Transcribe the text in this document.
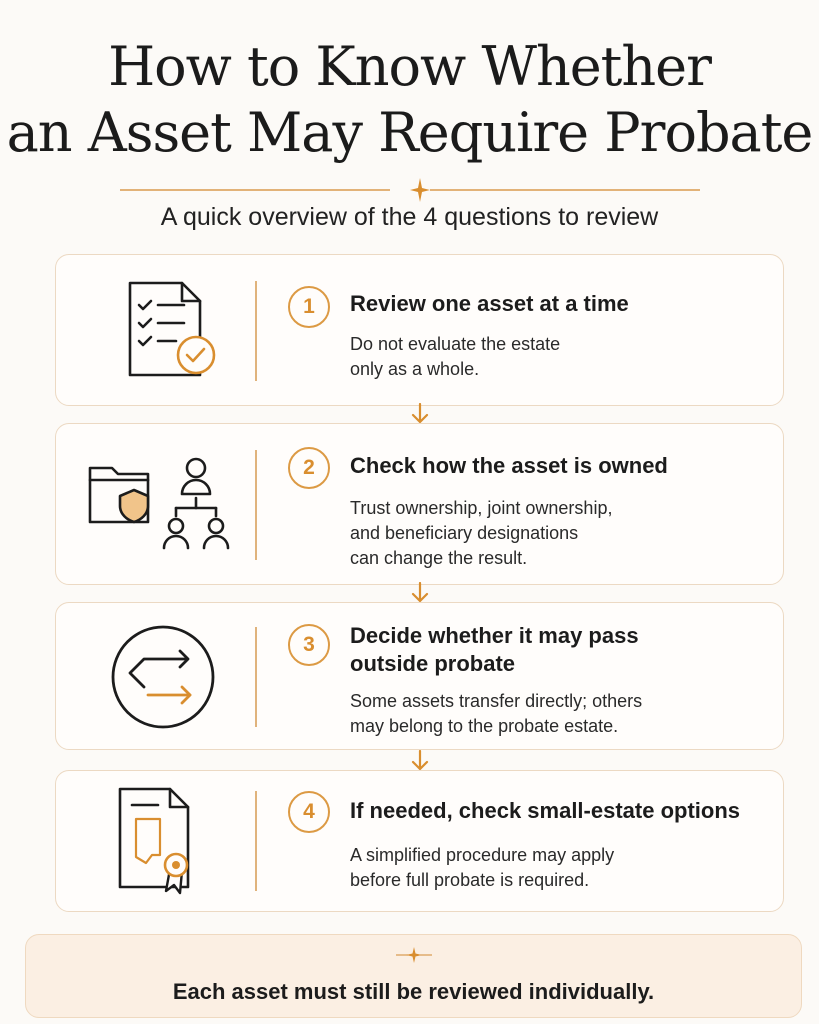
How to Know Whether
an Asset May Require Probate
A quick overview of the 4 questions to review
1	Review one asset at a time
Do not evaluate the estate
only as a whole.
2	Check how the asset is owned
Trust ownership, joint ownership,
and beneficiary designations
can change the result.
3	Decide whether it may pass
outside probate
Some assets transfer directly; others
may belong to the probate estate.
4	If needed, check small-estate options
A simplified procedure may apply
before full probate is required.
Each asset must still be reviewed individually.
